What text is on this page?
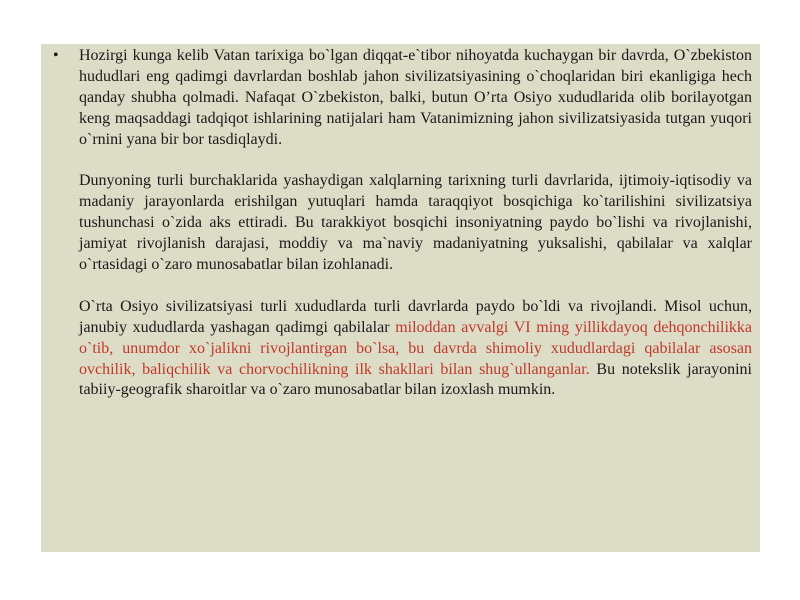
• Hozirgi kunga kelib Vatan tarixiga bo`lgan diqqat-e`tibor nihoyatda kuchaygan bir davrda, O`zbekiston hududlari eng qadimgi davrlardan boshlab jahon sivilizatsiyasining o`choqlaridan biri ekanligiga hech qanday shubha qolmadi. Nafaqat O`zbekiston, balki, butun O’rta Osiyo xududlarida olib borilayotgan keng maqsaddagi tadqiqot ishlarining natijalari ham Vatanimizning jahon sivilizatsiyasida tutgan yuqori o`rnini yana bir bor tasdiqlaydi.

Dunyoning turli burchaklarida yashaydigan xalqlarning tarixning turli davrlarida, ijtimoiy-iqtisodiy va madaniy jarayonlarda erishilgan yutuqlari hamda taraqqiyot bosqichiga ko`tarilishini sivilizatsiya tushunchasi o`zida aks ettiradi. Bu tarakkiyot bosqichi insoniyatning paydo bo`lishi va rivojlanishi, jamiyat rivojlanish darajasi, moddiy va ma`naviy madaniyatning yuksalishi, qabilalar va xalqlar o`rtasidagi o`zaro munosabatlar bilan izohlanadi.

O`rta Osiyo sivilizatsiyasi turli xududlarda turli davrlarda paydo bo`ldi va rivojlandi. Misol uchun, janubiy xududlarda yashagan qadimgi qabilalar miloddan avvalgi VI ming yillikdayoq dehqonchilikka o`tib, unumdor xo`jalikni rivojlantirgan bo`lsa, bu davrda shimoliy xududlardagi qabilalar asosan ovchilik, baliqchilik va chorvochilikning ilk shakllari bilan shug`ullanganlar. Bu notekslik jarayonini tabiiy-geografik sharoitlar va o`zaro munosabatlar bilan izoxlash mumkin.
